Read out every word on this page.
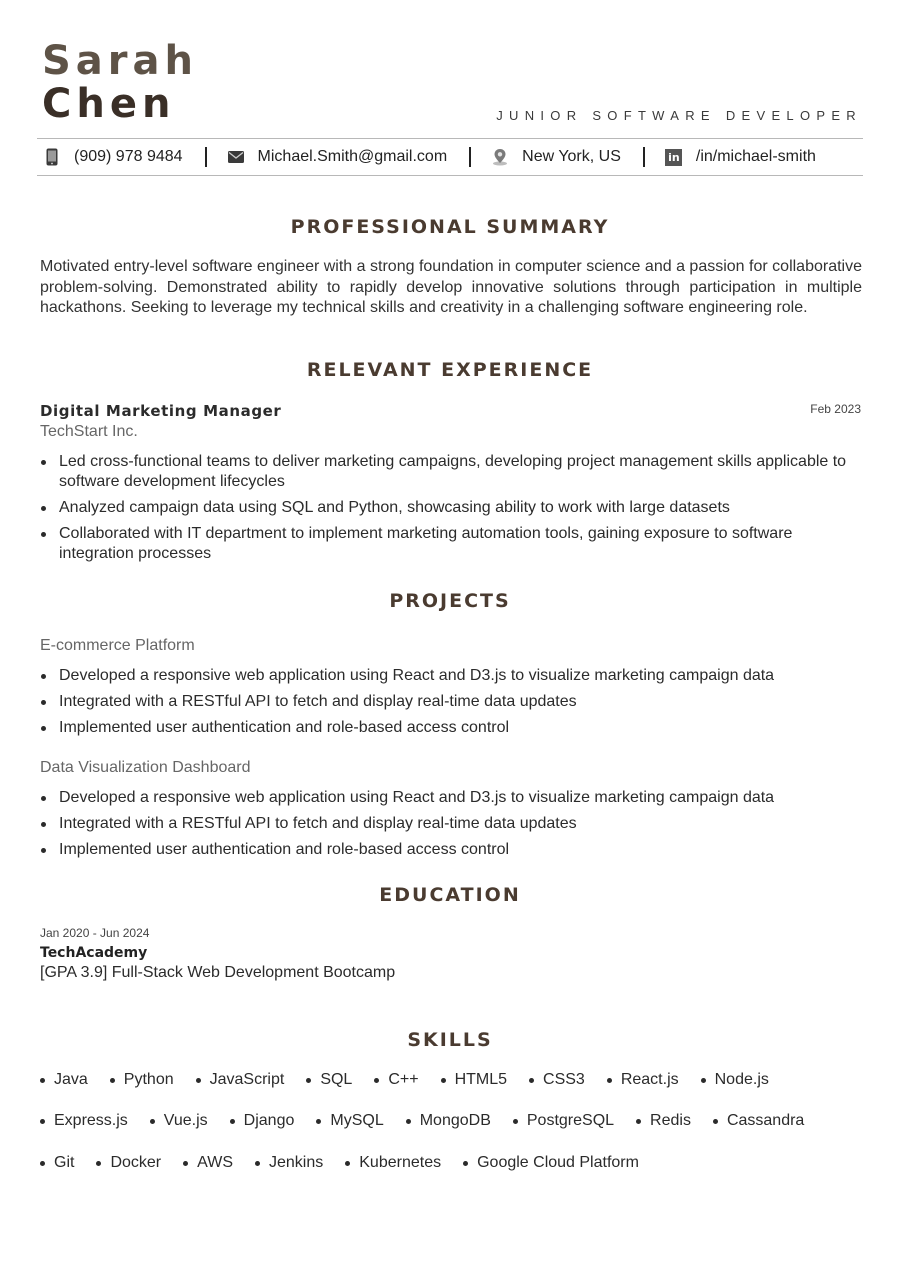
Sarah
Chen	JUNIOR SOFTWARE DEVELOPER
(909) 978 9484	Michael.Smith@gmail.com	New York, US	in /in/michael-smith
PROFESSIONAL SUMMARY
Motivated entry-level software engineer with a strong foundation in computer science and a passion for collaborative problem-solving. Demonstrated ability to rapidly develop innovative solutions through participation in multiple hackathons. Seeking to leverage my technical skills and creativity in a challenging software engineering role.
RELEVANT EXPERIENCE
Digital Marketing Manager	Feb 2023
TechStart Inc.
Led cross-functional teams to deliver marketing campaigns, developing project management skills applicable to software development lifecycles
Analyzed campaign data using SQL and Python, showcasing ability to work with large datasets
Collaborated with IT department to implement marketing automation tools, gaining exposure to software integration processes
PROJECTS
E-commerce Platform
Developed a responsive web application using React and D3.js to visualize marketing campaign data
Integrated with a RESTful API to fetch and display real-time data updates
Implemented user authentication and role-based access control
Data Visualization Dashboard
Developed a responsive web application using React and D3.js to visualize marketing campaign data
Integrated with a RESTful API to fetch and display real-time data updates
Implemented user authentication and role-based access control
EDUCATION
Jan 2020 - Jun 2024
TechAcademy
[GPA 3.9] Full-Stack Web Development Bootcamp
SKILLS
Java Python JavaScript SQL C++ HTML5 CSS3 React.js Node.js
Express.js Vue.js Django MySQL MongoDB PostgreSQL Redis Cassandra
Git Docker AWS Jenkins Kubernetes Google Cloud Platform
